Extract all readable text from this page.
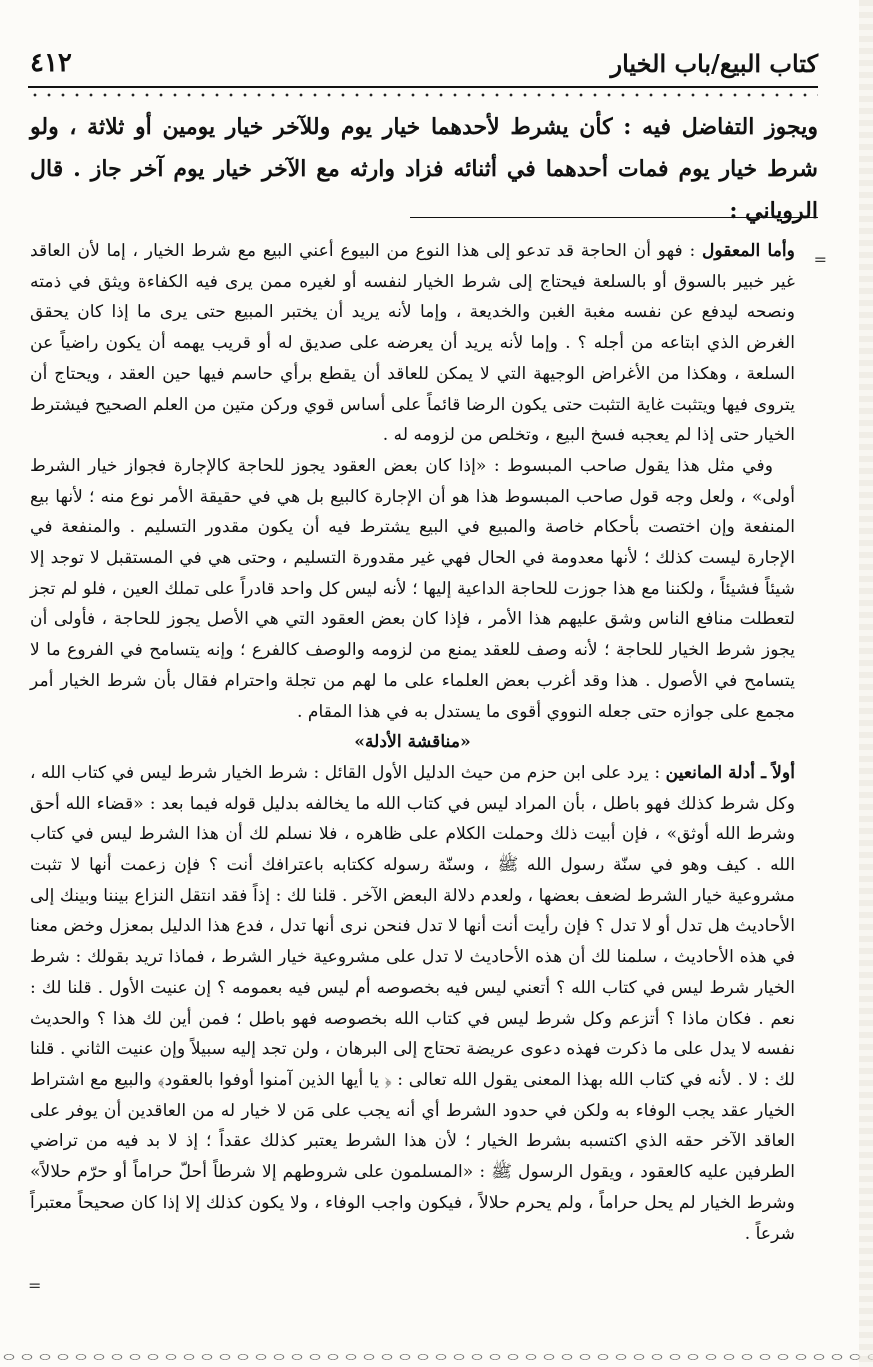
كتاب البيع/باب الخيار
٤١٢
ويجوز التفاضل فيه : كأن يشرط لأحدهما خيار يوم وللآخر خيار يومين أو ثلاثة ، ولو شرط خيار يوم فمات أحدهما في أثنائه فزاد وارثه مع الآخر خيار يوم آخر جاز . قال الروياني :
=
=

وأما المعقول : فهو أن الحاجة قد تدعو إلى هذا النوع من البيوع أعني البيع مع شرط الخيار ، إما لأن العاقد غير خبير بالسوق أو بالسلعة فيحتاج إلى شرط الخيار لنفسه أو لغيره ممن يرى فيه الكفاءة ويثق في ذمته ونصحه ليدفع عن نفسه مغبة الغبن والخديعة ، وإما لأنه يريد أن يختبر المبيع حتى يرى ما إذا كان يحقق الغرض الذي ابتاعه من أجله ؟ . وإما لأنه يريد أن يعرضه على صديق له أو قريب يهمه أن يكون راضياً عن السلعة ، وهكذا من الأغراض الوجيهة التي لا يمكن للعاقد أن يقطع برأي حاسم فيها حين العقد ، ويحتاج أن يتروى فيها ويتثبت غاية التثبت حتى يكون الرضا قائماً على أساس قوي وركن متين من العلم الصحيح فيشترط الخيار حتى إذا لم يعجبه فسخ البيع ، وتخلص من لزومه له .

وفي مثل هذا يقول صاحب المبسوط : «إذا كان بعض العقود يجوز للحاجة كالإجارة فجواز خيار الشرط أولى» ، ولعل وجه قول صاحب المبسوط هذا هو أن الإجارة كالبيع بل هي في حقيقة الأمر نوع منه ؛ لأنها بيع المنفعة وإن اختصت بأحكام خاصة والمبيع في البيع يشترط فيه أن يكون مقدور التسليم . والمنفعة في الإجارة ليست كذلك ؛ لأنها معدومة في الحال فهي غير مقدورة التسليم ، وحتى هي في المستقبل لا توجد إلا شيئاً فشيئاً ، ولكننا مع هذا جوزت للحاجة الداعية إليها ؛ لأنه ليس كل واحد قادراً على تملك العين ، فلو لم تجز لتعطلت منافع الناس وشق عليهم هذا الأمر ، فإذا كان بعض العقود التي هي الأصل يجوز للحاجة ، فأولى أن يجوز شرط الخيار للحاجة ؛ لأنه وصف للعقد يمنع من لزومه والوصف كالفرع ؛ وإنه يتسامح في الفروع ما لا يتسامح في الأصول . هذا وقد أغرب بعض العلماء على ما لهم من تجلة واحترام فقال بأن شرط الخيار أمر مجمع على جوازه حتى جعله النووي أقوى ما يستدل به في هذا المقام .

«مناقشة الأدلة»

أولاً ـ أدلة المانعين : يرد على ابن حزم من حيث الدليل الأول القائل : شرط الخيار شرط ليس في كتاب الله ، وكل شرط كذلك فهو باطل ، بأن المراد ليس في كتاب الله ما يخالفه بدليل قوله فيما بعد : «قضاء الله أحق وشرط الله أوثق» ، فإن أبيت ذلك وحملت الكلام على ظاهره ، فلا نسلم لك أن هذا الشرط ليس في كتاب الله . كيف وهو في سنّة رسول الله ﷺ ، وسنّة رسوله ككتابه باعترافك أنت ؟ فإن زعمت أنها لا تثبت مشروعية خيار الشرط لضعف بعضها ، ولعدم دلالة البعض الآخر . قلنا لك : إذاً فقد انتقل النزاع بيننا وبينك إلى الأحاديث هل تدل أو لا تدل ؟ فإن رأيت أنت أنها لا تدل فنحن نرى أنها تدل ، فدع هذا الدليل بمعزل وخض معنا في هذه الأحاديث ، سلمنا لك أن هذه الأحاديث لا تدل على مشروعية خيار الشرط ، فماذا تريد بقولك : شرط الخيار شرط ليس في كتاب الله ؟ أتعني ليس فيه بخصوصه أم ليس فيه بعمومه ؟ إن عنيت الأول . قلنا لك : نعم . فكان ماذا ؟ أتزعم وكل شرط ليس في كتاب الله بخصوصه فهو باطل ؛ فمن أين لك هذا ؟ والحديث نفسه لا يدل على ما ذكرت فهذه دعوى عريضة تحتاج إلى البرهان ، ولن تجد إليه سبيلاً وإن عنيت الثاني . قلنا لك : لا . لأنه في كتاب الله بهذا المعنى يقول الله تعالى : ﴿ يا أيها الذين آمنوا أوفوا بالعقود﴾ والبيع مع اشتراط الخيار عقد يجب الوفاء به ولكن في حدود الشرط أي أنه يجب على مَن لا خيار له من العاقدين أن يوفر على العاقد الآخر حقه الذي اكتسبه بشرط الخيار ؛ لأن هذا الشرط يعتبر كذلك عقداً ؛ إذ لا بد فيه من تراضي الطرفين عليه كالعقود ، ويقول الرسول ﷺ : «المسلمون على شروطهم إلا شرطاً أحلّ حراماً أو حرّم حلالاً» وشرط الخيار لم يحل حراماً ، ولم يحرم حلالاً ، فيكون واجب الوفاء ، ولا يكون كذلك إلا إذا كان صحيحاً معتبراً شرعاً .
